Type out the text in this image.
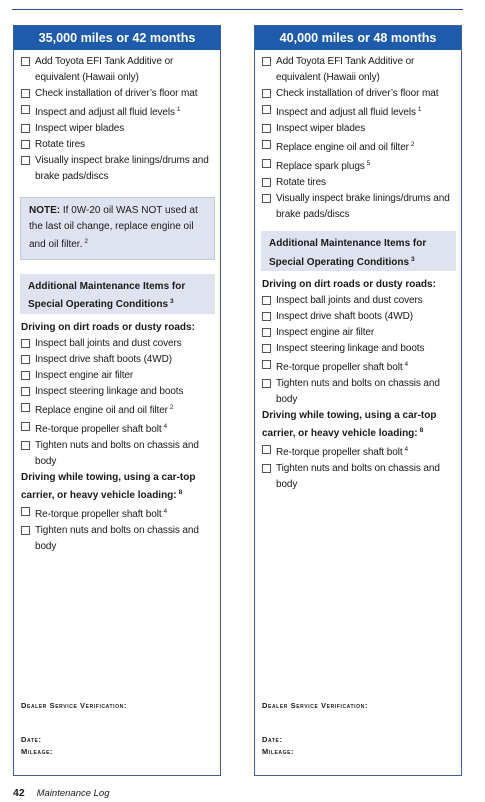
35,000 miles or 42 months
Add Toyota EFI Tank Additive or equivalent (Hawaii only)
Check installation of driver’s floor mat
Inspect and adjust all fluid levels $^1$
Inspect wiper blades
Rotate tires
Visually inspect brake linings/drums and brake pads/discs
NOTE: If 0W-20 oil WAS NOT used at the last oil change, replace engine oil and oil filter. $^2$
Additional Maintenance Items for Special Operating Conditions $^3$
Driving on dirt roads or dusty roads:
Inspect ball joints and dust covers
Inspect drive shaft boots (4WD)
Inspect engine air filter
Inspect steering linkage and boots
Replace engine oil and oil filter $^2$
Re-torque propeller shaft bolt $^4$
Tighten nuts and bolts on chassis and body
Driving while towing, using a car-top carrier, or heavy vehicle loading: $^8$
Re-torque propeller shaft bolt $^4$
Tighten nuts and bolts on chassis and body
Dealer Service Verification:
Date:
Mileage:
40,000 miles or 48 months
Add Toyota EFI Tank Additive or equivalent (Hawaii only)
Check installation of driver’s floor mat
Inspect and adjust all fluid levels $^1$
Inspect wiper blades
Replace engine oil and oil filter $^2$
Replace spark plugs $^5$
Rotate tires
Visually inspect brake linings/drums and brake pads/discs
Additional Maintenance Items for Special Operating Conditions $^3$
Driving on dirt roads or dusty roads:
Inspect ball joints and dust covers
Inspect drive shaft boots (4WD)
Inspect engine air filter
Inspect steering linkage and boots
Re-torque propeller shaft bolt $^4$
Tighten nuts and bolts on chassis and body
Driving while towing, using a car-top carrier, or heavy vehicle loading: $^8$
Re-torque propeller shaft bolt $^4$
Tighten nuts and bolts on chassis and body
Dealer Service Verification:
Date:
Mileage:
42 Maintenance Log
